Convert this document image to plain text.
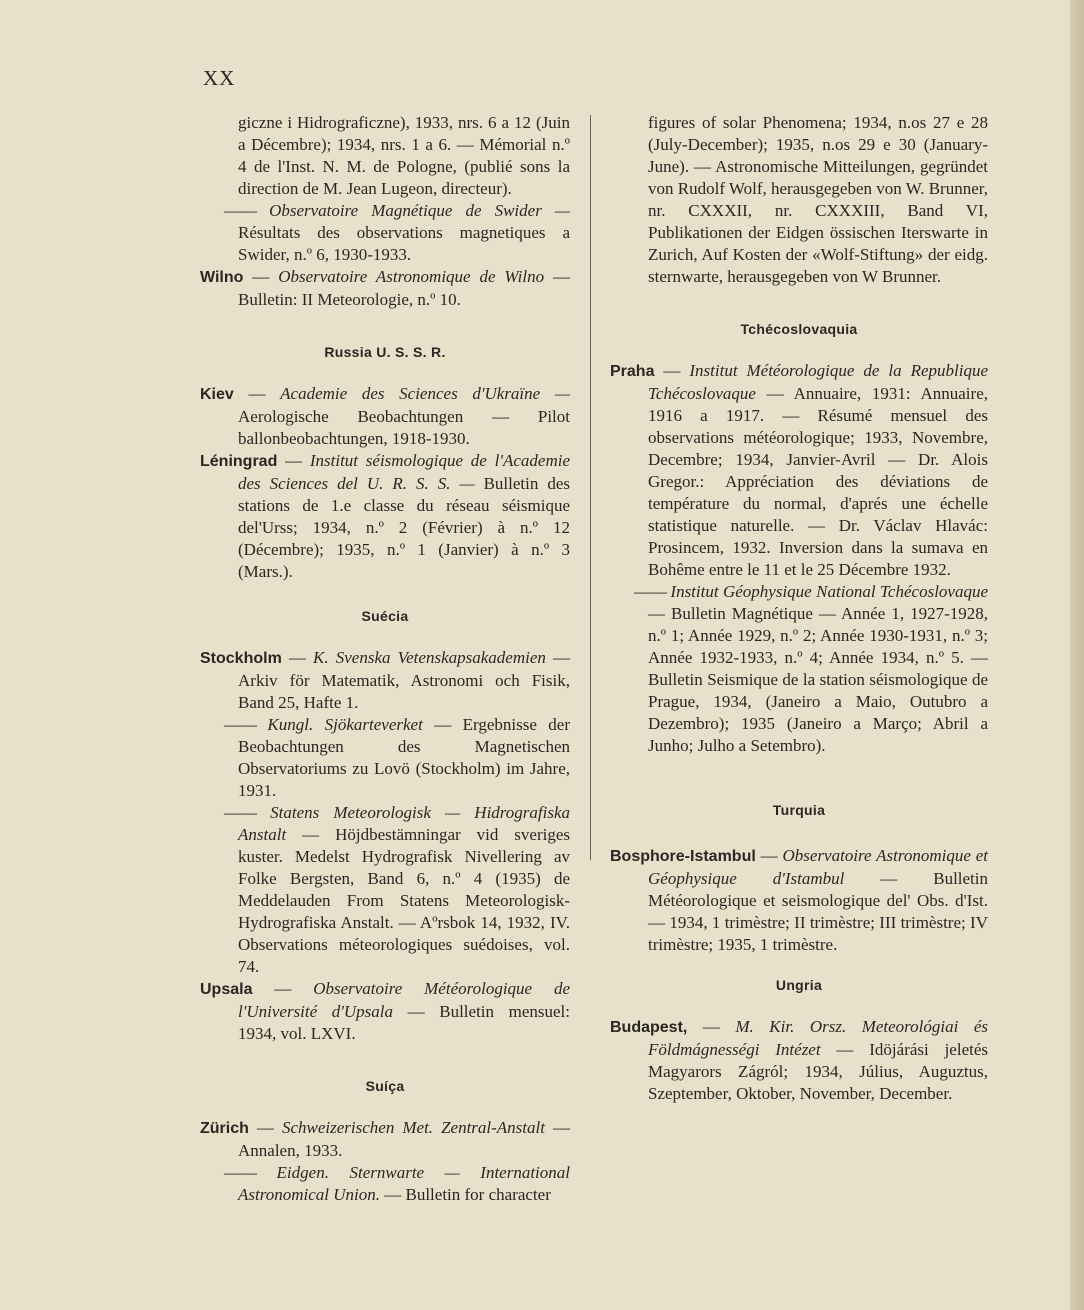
XX

giczne i Hidrograficzne), 1933, nrs. 6 a 12 (Juin a Décembre); 1934, nrs. 1 a 6. — Mémorial n.º 4 de l'Inst. N. M. de Pologne, (publié sons la direction de M. Jean Lugeon, directeur).

—— Observatoire Magnétique de Swider — Résultats des observations magnetiques a Swider, n.º 6, 1930-1933.

Wilno — Observatoire Astronomique de Wilno — Bulletin: II Meteorologie, n.º 10.

Russia U. S. S. R.

Kiev — Academie des Sciences d'Ukraïne — Aerologische Beobachtungen — Pilot ballonbeobachtungen, 1918-1930.

Léningrad — Institut séismologique de l'Academie des Sciences del U. R. S. S. — Bulletin des stations de 1.e classe du réseau séismique del'Urss; 1934, n.º 2 (Février) à n.º 12 (Décembre); 1935, n.º 1 (Janvier) à n.º 3 (Mars.).

Suécia

Stockholm — K. Svenska Vetenskapsakademien — Arkiv för Matematik, Astronomi och Fisik, Band 25, Hafte 1.

—— Kungl. Sjökarteverket — Ergebnisse der Beobachtungen des Magnetischen Observatoriums zu Lovö (Stockholm) im Jahre, 1931.

—— Statens Meteorologisk — Hidrografiska Anstalt — Höjdbestämningar vid sveriges kuster. Medelst Hydrografisk Nivellering av Folke Bergsten, Band 6, n.º 4 (1935) de Meddelauden From Statens Meteorologisk-Hydrografiska Anstalt. — Aºrsbok 14, 1932, IV. Observations méteorologiques suédoises, vol. 74.

Upsala — Observatoire Météorologique de l'Université d'Upsala — Bulletin mensuel: 1934, vol. LXVI.

Suíça

Zürich — Schweizerischen Met. Zentral-Anstalt — Annalen, 1933.

—— Eidgen. Sternwarte — International Astronomical Union. — Bulletin for character

figures of solar Phenomena; 1934, n.os 27 e 28 (July-December); 1935, n.os 29 e 30 (January-June). — Astronomische Mitteilungen, gegründet von Rudolf Wolf, herausgegeben von W. Brunner, nr. CXXXII, nr. CXXXIII, Band VI, Publikationen der Eidgen össischen Iterswarte in Zurich, Auf Kosten der «Wolf-Stiftung» der eidg. sternwarte, herausgegeben von W Brunner.

Tchécoslovaquia

Praha — Institut Météorologique de la Republique Tchécoslovaque — Annuaire, 1931: Annuaire, 1916 a 1917. — Résumé mensuel des observations météorologique; 1933, Novembre, Decembre; 1934, Janvier-Avril — Dr. Alois Gregor.: Appréciation des déviations de température du normal, d'aprés une échelle statistique naturelle. — Dr. Václav Hlavác: Prosincem, 1932. Inversion dans la sumava en Bohême entre le 11 et le 25 Décembre 1932.

—— Institut Géophysique National Tchécoslovaque — Bulletin Magnétique — Année 1, 1927-1928, n.º 1; Année 1929, n.º 2; Année 1930-1931, n.º 3; Année 1932-1933, n.º 4; Année 1934, n.º 5. — Bulletin Seismique de la station séismologique de Prague, 1934, (Janeiro a Maio, Outubro a Dezembro); 1935 (Janeiro a Março; Abril a Junho; Julho a Setembro).

Turquia

Bosphore-Istambul — Observatoire Astronomique et Géophysique d'Istambul — Bulletin Météorologique et seismologique del' Obs. d'Ist. — 1934, 1 trimèstre; II trimèstre; III trimèstre; IV trimèstre; 1935, 1 trimèstre.

Ungria

Budapest, — M. Kir. Orsz. Meteorológiai és Földmágnességi Intézet — Idöjárási jeletés Magyarors Zágról; 1934, Július, Auguztus, Szeptember, Oktober, November, December.
